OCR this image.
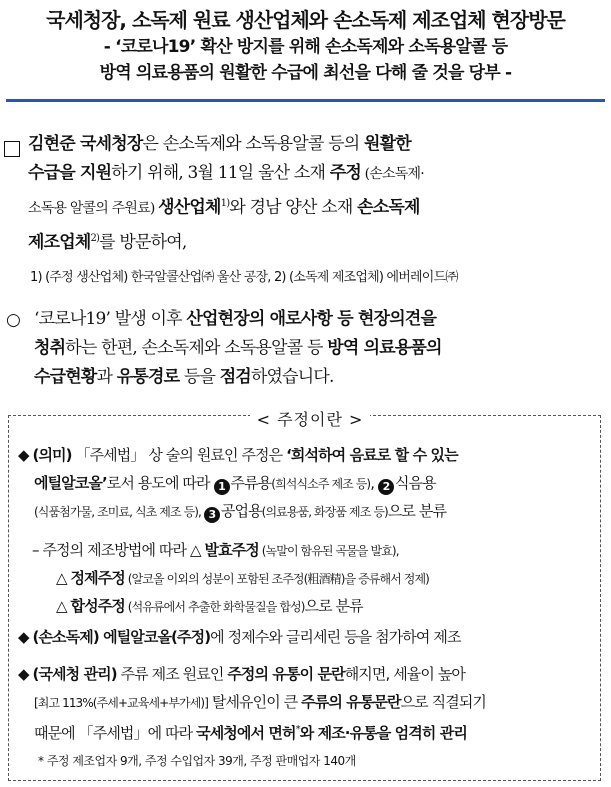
국세청장, 소독제 원료 생산업체와 손소독제 제조업체 현장방문
- ‘코로나19’ 확산 방지를 위해 손소독제와 소독용알콜 등
방역 의료용품의 원활한 수급에 최선을 다해 줄 것을 당부 -
김현준 국세청장은 손소독제와 소독용알콜 등의 원활한
수급을 지원하기 위해, 3월 11일 울산 소재 주정 (손소독제·
소독용 알콜의 주원료) 생산업체$^{1)}$와 경남 양산 소재 손소독제
제조업체$^{2)}$를 방문하여,
1) (주정 생산업체) 한국알콜산업㈜ 울산 공장, 2) (소독제 제조업체) 에버레이드㈜
○ ‘코로나19’ 발생 이후 산업현장의 애로사항 등 현장의견을
청취하는 한편, 손소독제와 소독용알콜 등 방역 의료용품의
수급현황과 유통경로 등을 점검하였습니다.
< 주정이란 >
◆ (의미) 「주세법」 상 술의 원료인 주정은 ‘희석하여 음료로 할 수 있는
에틸알코올’로서 용도에 따라 1 주류용(희석식소주 제조 등), 2 식음용
(식품첨가물, 조미료, 식초 제조 등), 3 공업용(의료용품, 화장품 제조 등)으로 분류
– 주정의 제조방법에 따라 △ 발효주정 (녹말이 함유된 곡물을 발효),
△ 정제주정 (알코올 이외의 성분이 포함된 조주정(粗酒精)을 증류해서 정제)
△ 합성주정 (석유류에서 추출한 화학물질을 합성)으로 분류
◆ (손소독제) 에틸알코올(주정)에 정제수와 글리세린 등을 첨가하여 제조
◆ (국세청 관리) 주류 제조 원료인 주정의 유통이 문란해지면, 세율이 높아
[최고 113%(주세+교육세+부가세)] 탈세유인이 큰 주류의 유통문란으로 직결되기
때문에 「주세법」에 따라 국세청에서 면허*와 제조·유통을 엄격히 관리
* 주정 제조업자 9개, 주정 수입업자 39개, 주정 판매업자 140개
